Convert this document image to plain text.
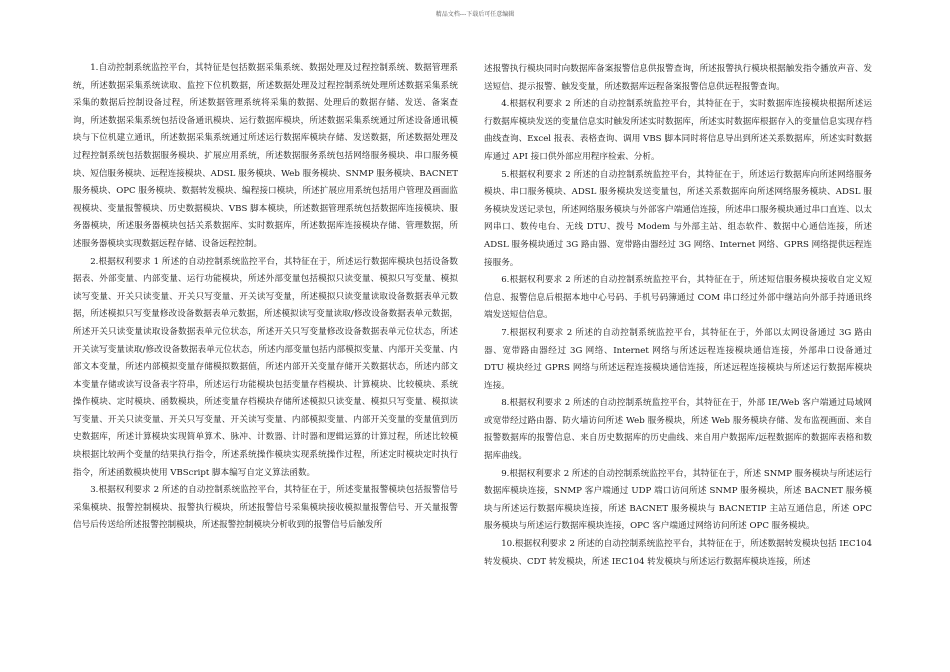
精品文档---下载后可任意编辑

1.自动控制系统监控平台，其特征是包括数据采集系统、数据处理及过程控制系统、数据管理系统，所述数据采集系统读取、监控下位机数据，所述数据处理及过程控制系统处理所述数据采集系统采集的数据后控制设备过程，所述数据管理系统将采集的数据、处理后的数据存储、发送、备案查询，所述数据采集系统包括设备通讯模块、运行数据库模块，所述数据采集系统通过所述设备通讯模块与下位机建立通讯，所述数据采集系统通过所述运行数据库模块存储、发送数据，所述数据处理及过程控制系统包括数据服务模块、扩展应用系统，所述数据服务系统包括网络服务模块、串口服务模块、短信服务模块、远程连接模块、ADSL 服务模块、Web 服务模块、SNMP 服务模块、BACNET 服务模块、OPC 服务模块、数据转发模块、编程接口模块，所述扩展应用系统包括用户管理及画面监视模块、变量报警模块、历史数据模块、VBS 脚本模块，所述数据管理系统包括数据库连接模块、服务器模块，所述服务器模块包括关系数据库、实时数据库，所述数据库连接模块存储、管理数据，所述服务器模块实现数据远程存储、设备远程控制。

2.根据权利要求 1 所述的自动控制系统监控平台，其特征在于，所述运行数据库模块包括设备数据表、外部变量、内部变量、运行功能模块，所述外部变量包括模拟只读变量、模拟只写变量、模拟读写变量、开关只读变量、开关只写变量、开关读写变量，所述模拟只读变量读取设备数据表单元数据，所述模拟只写变量修改设备数据表单元数据，所述模拟读写变量读取/修改设备数据表单元数据，所述开关只读变量读取设备数据表单元位状态，所述开关只写变量修改设备数据表单元位状态，所述开关读写变量读取/修改设备数据表单元位状态，所述内部变量包括内部模拟变量、内部开关变量、内部文本变量，所述内部模拟变量存储模拟数据值，所述内部开关变量存储开关数据状态，所述内部文本变量存储或读写设备表字符串，所述运行功能模块包括变量存档模块、计算模块、比较模块、系统操作模块、定时模块、函数模块，所述变量存档模块存储所述模拟只读变量、模拟只写变量、模拟读写变量、开关只读变量、开关只写变量、开关读写变量、内部模拟变量、内部开关变量的变量值到历史数据库，所述计算模块实现简单算术、脉冲、计数器、计时器和逻辑运算的计算过程，所述比较模块根据比较两个变量的结果执行指令，所述系统操作模块实现系统操作过程，所述定时模块定时执行指令，所述函数模块使用 VBScript 脚本编写自定义算法函数。

3.根据权利要求 2 所述的自动控制系统监控平台，其特征在于，所述变量报警模块包括报警信号采集模块、报警控制模块、报警执行模块，所述报警信号采集模块接收模拟量报警信号、开关量报警信号后传送给所述报警控制模块，所述报警控制模块分析收到的报警信号后触发所

述报警执行模块同时向数据库备案报警信息供报警查询，所述报警执行模块根据触发指令播放声音、发送短信、提示报警、触发变量，所述数据库远程备案报警信息供远程报警查询。

4.根据权利要求 2 所述的自动控制系统监控平台，其特征在于，实时数据库连接模块根据所述运行数据库模块发送的变量信息实时触发所述实时数据库，所述实时数据库根据存入的变量信息实现存档曲线查询、Excel 报表、表格查询、调用 VBS 脚本同时将信息导出到所述关系数据库，所述实时数据库通过 API 接口供外部应用程序检索、分析。

5.根据权利要求 2 所述的自动控制系统监控平台，其特征在于，所述运行数据库向所述网络服务模块、串口服务模块、ADSL 服务模块发送变量包，所述关系数据库向所述网络服务模块、ADSL 服务模块发送记录包，所述网络服务模块与外部客户端通信连接，所述串口服务模块通过串口直连、以太网串口、数传电台、无线 DTU、拨号 Modem 与外部主站、组态软件、数据中心通信连接，所述 ADSL 服务模块通过 3G 路由器、宽带路由器经过 3G 网络、Internet 网络、GPRS 网络提供远程连接服务。

6.根据权利要求 2 所述的自动控制系统监控平台，其特征在于，所述短信服务模块接收自定义短信息、报警信息后根据本地中心号码、手机号码簿通过 COM 串口经过外部中继站向外部手持通讯终端发送短信信息。

7.根据权利要求 2 所述的自动控制系统监控平台，其特征在于，外部以太网设备通过 3G 路由器、宽带路由器经过 3G 网络、Internet 网络与所述远程连接模块通信连接，外部串口设备通过 DTU 模块经过 GPRS 网络与所述远程连接模块通信连接，所述远程连接模块与所述运行数据库模块连接。

8.根据权利要求 2 所述的自动控制系统监控平台，其特征在于，外部 IE/Web 客户端通过局域网或宽带经过路由器、防火墙访问所述 Web 服务模块，所述 Web 服务模块存储、发布监视画面、来自报警数据库的报警信息、来自历史数据库的历史曲线、来自用户数据库/远程数据库的数据库表格和数据库曲线。

9.根据权利要求 2 所述的自动控制系统监控平台，其特征在于，所述 SNMP 服务模块与所述运行数据库模块连接，SNMP 客户端通过 UDP 端口访问所述 SNMP 服务模块，所述 BACNET 服务模块与所述运行数据库模块连接，所述 BACNET 服务模块与 BACNETIP 主站互通信息，所述 OPC 服务模块与所述运行数据库模块连接，OPC 客户端通过网络访问所述 OPC 服务模块。

10.根据权利要求 2 所述的自动控制系统监控平台，其特征在于，所述数据转发模块包括 IEC104 转发模块、CDT 转发模块，所述 IEC104 转发模块与所述运行数据库模块连接，所述
